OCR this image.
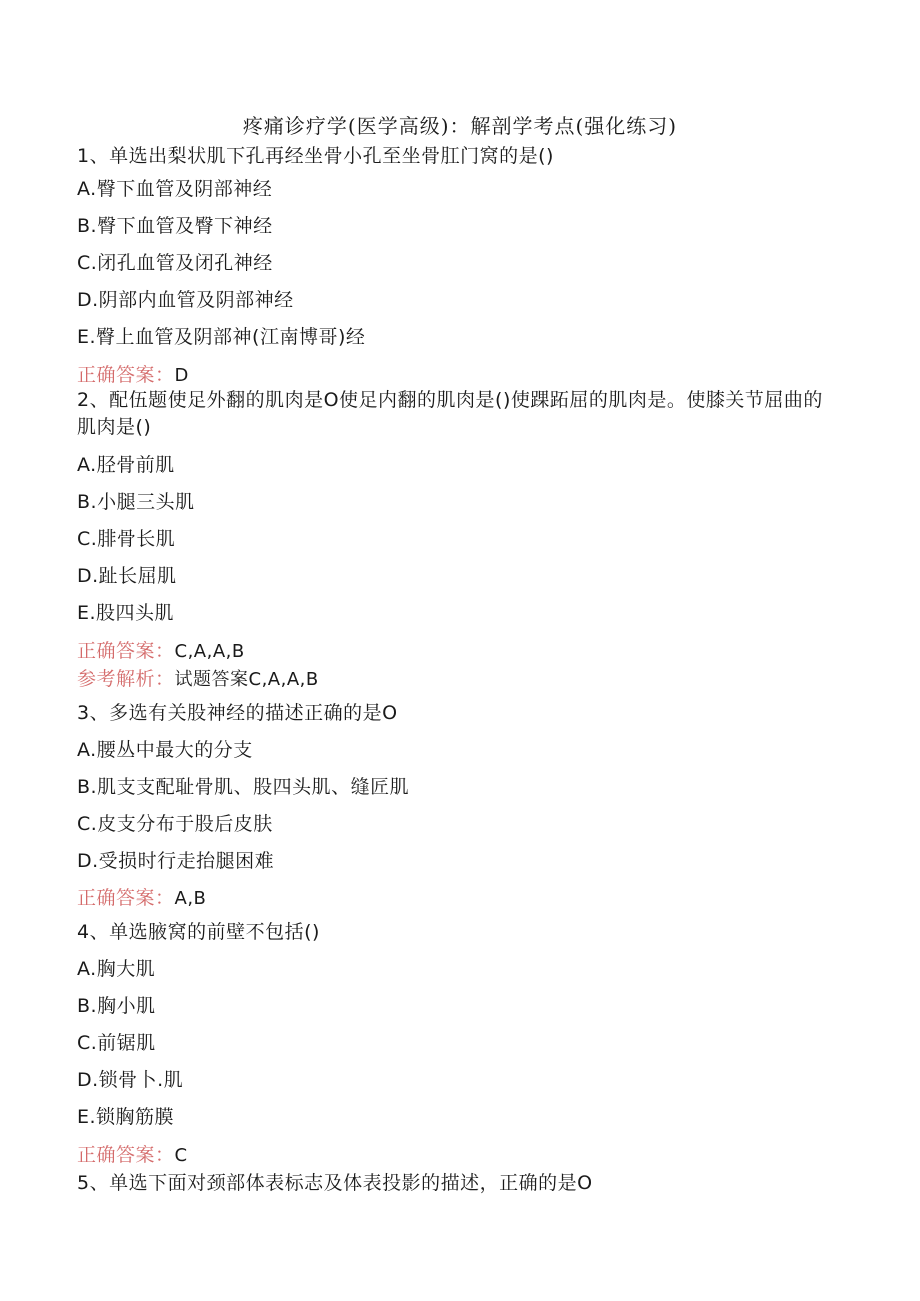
疼痛诊疗学(医学高级)：解剖学考点(强化练习)
1、单选出梨状肌下孔再经坐骨小孔至坐骨肛门窝的是()
A.臀下血管及阴部神经
B.臀下血管及臀下神经
C.闭孔血管及闭孔神经
D.阴部内血管及阴部神经
E.臀上血管及阴部神(江南博哥)经
正确答案：D
2、配伍题使足外翻的肌肉是O使足内翻的肌肉是()使踝跖屈的肌肉是。使膝关节屈曲的肌肉是()
A.胫骨前肌
B.小腿三头肌
C.腓骨长肌
D.趾长屈肌
E.股四头肌
正确答案：C,A,A,B
参考解析：试题答案C,A,A,B
3、多选有关股神经的描述正确的是O
A.腰丛中最大的分支
B.肌支支配耻骨肌、股四头肌、缝匠肌
C.皮支分布于股后皮肤
D.受损时行走抬腿困难
正确答案：A,B
4、单选腋窝的前壁不包括()
A.胸大肌
B.胸小肌
C.前锯肌
D.锁骨卜.肌
E.锁胸筋膜
正确答案：C
5、单选下面对颈部体表标志及体表投影的描述，正确的是O
